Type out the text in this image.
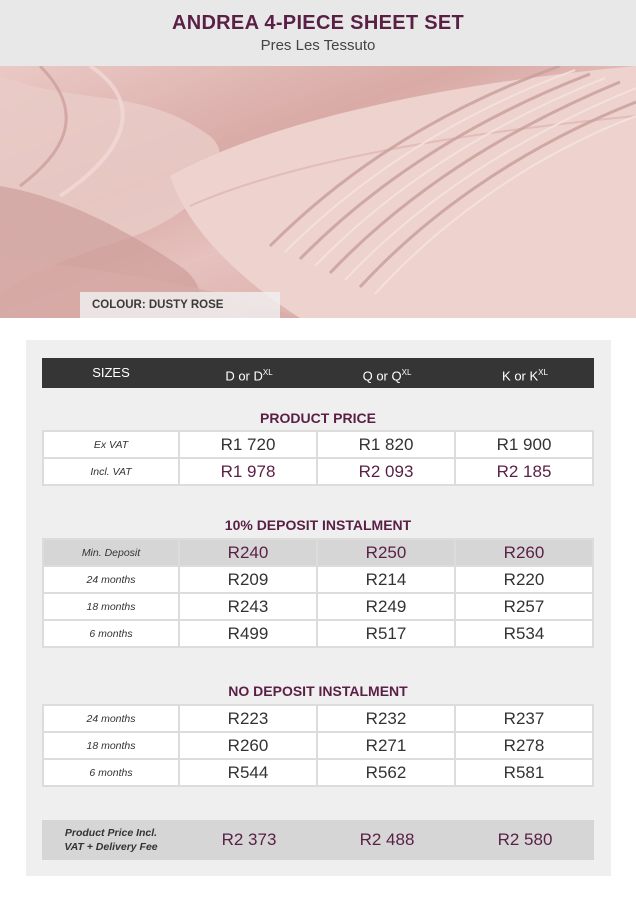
ANDREA 4-PIECE SHEET SET
Pres Les Tessuto
COLOUR: DUSTY ROSE
SIZES	D or $D^{XL}$	Q or $Q^{XL}$	K or $K^{XL}$
PRODUCT PRICE
Ex VAT	R1 720	R1 820	R1 900
Incl. VAT	R1 978	R2 093	R2 185
10% DEPOSIT INSTALMENT
Min. Deposit	R240	R250	R260
24 months	R209	R214	R220
18 months	R243	R249	R257
6 months	R499	R517	R534
NO DEPOSIT INSTALMENT
24 months	R223	R232	R237
18 months	R260	R271	R278
6 months	R544	R562	R581
Product Price Incl.
VAT + Delivery Fee	R2 373	R2 488	R2 580
